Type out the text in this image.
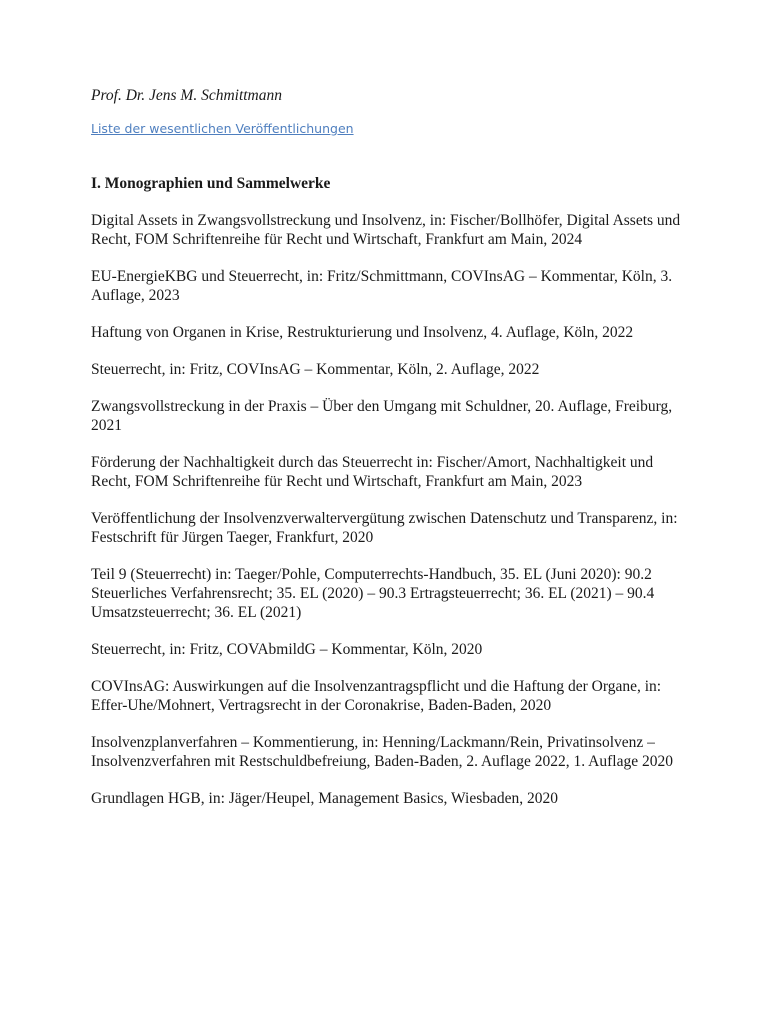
Prof. Dr. Jens M. Schmittmann

Liste der wesentlichen Veröffentlichungen
I. Monographien und Sammelwerke
Digital Assets in Zwangsvollstreckung und Insolvenz, in: Fischer/Bollhöfer, Digital Assets und Recht, FOM Schriftenreihe für Recht und Wirtschaft, Frankfurt am Main, 2024
EU-EnergieKBG und Steuerrecht, in: Fritz/Schmittmann, COVInsAG – Kommentar, Köln, 3. Auflage, 2023
Haftung von Organen in Krise, Restrukturierung und Insolvenz, 4. Auflage, Köln, 2022
Steuerrecht, in: Fritz, COVInsAG – Kommentar, Köln, 2. Auflage, 2022
Zwangsvollstreckung in der Praxis – Über den Umgang mit Schuldner, 20. Auflage, Freiburg, 2021
Förderung der Nachhaltigkeit durch das Steuerrecht in: Fischer/Amort, Nachhaltigkeit und Recht, FOM Schriftenreihe für Recht und Wirtschaft, Frankfurt am Main, 2023
Veröffentlichung der Insolvenzverwaltervergütung zwischen Datenschutz und Transparenz, in: Festschrift für Jürgen Taeger, Frankfurt, 2020
Teil 9 (Steuerrecht) in: Taeger/Pohle, Computerrechts-Handbuch, 35. EL (Juni 2020): 90.2 Steuerliches Verfahrensrecht; 35. EL (2020) – 90.3 Ertragsteuerrecht; 36. EL (2021) – 90.4 Umsatzsteuerrecht; 36. EL (2021)
Steuerrecht, in: Fritz, COVAbmildG – Kommentar, Köln, 2020
COVInsAG: Auswirkungen auf die Insolvenzantragspflicht und die Haftung der Organe, in: Effer-Uhe/Mohnert, Vertragsrecht in der Coronakrise, Baden-Baden, 2020
Insolvenzplanverfahren – Kommentierung, in: Henning/Lackmann/Rein, Privatinsolvenz – Insolvenzverfahren mit Restschuldbefreiung, Baden-Baden, 2. Auflage 2022, 1. Auflage 2020
Grundlagen HGB, in: Jäger/Heupel, Management Basics, Wiesbaden, 2020
